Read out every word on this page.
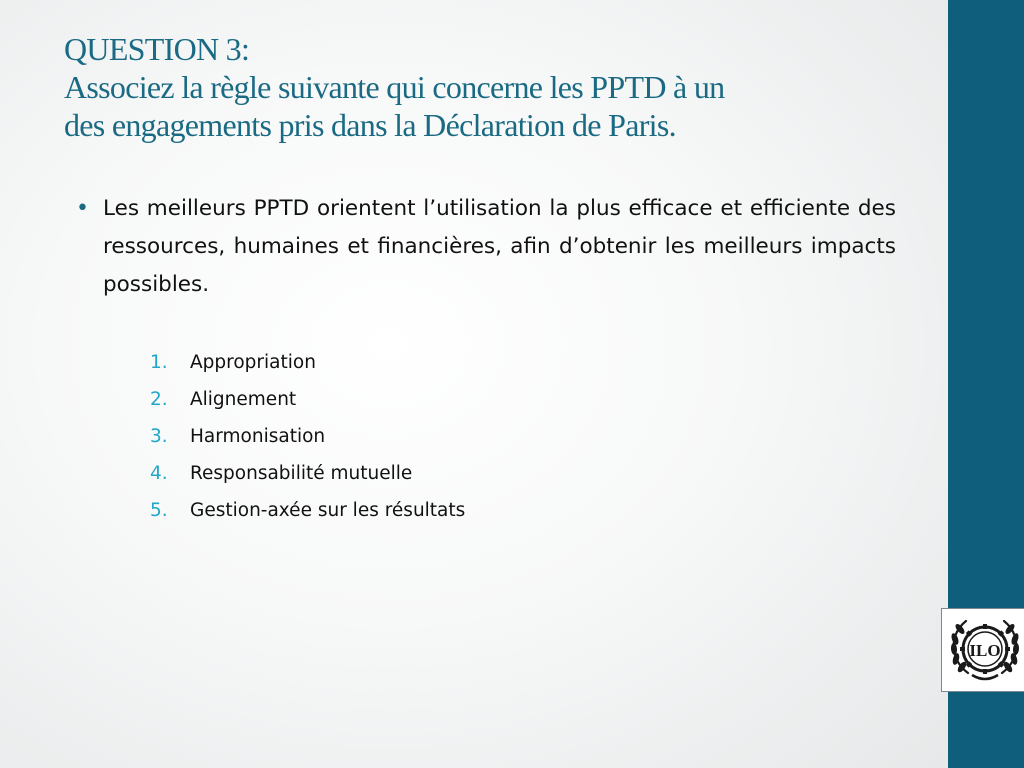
QUESTION 3:
Associez la règle suivante qui concerne les PPTD à un
des engagements pris dans la Déclaration de Paris.
• Les meilleurs PPTD orientent l’utilisation la plus efficace et efficiente des ressources, humaines et financières, afin d’obtenir les meilleurs impacts possibles.

1. Appropriation
2. Alignement
3. Harmonisation
4. Responsabilité mutuelle
5. Gestion-axée sur les résultats
ILO
